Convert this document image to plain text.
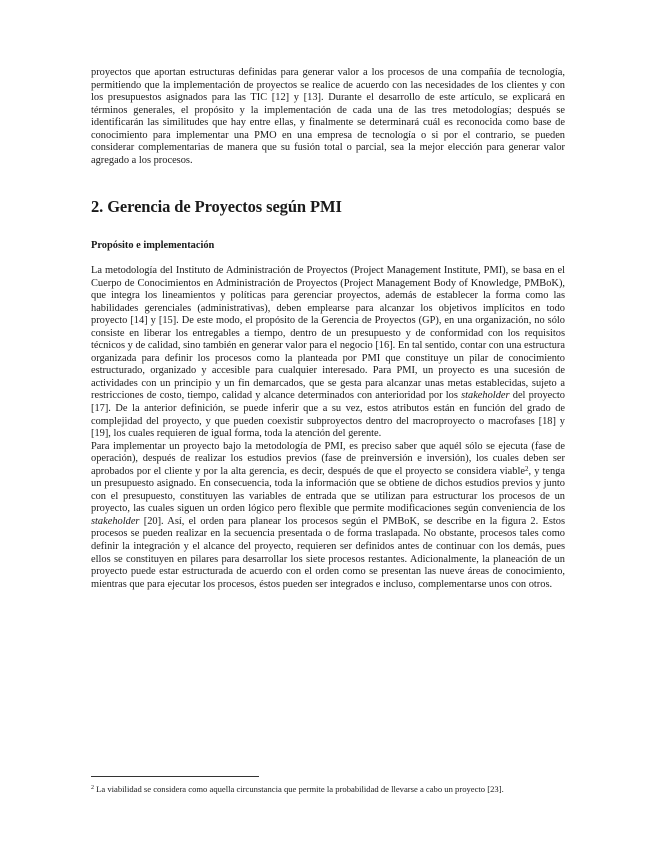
proyectos que aportan estructuras definidas para generar valor a los procesos de una compañía de tecnología, permitiendo que la implementación de proyectos se realice de acuerdo con las necesidades de los clientes y con los presupuestos asignados para las TIC [12] y [13]. Durante el desarrollo de este artículo, se explicará en términos generales, el propósito y la implementación de cada una de las tres metodologías; después se identificarán las similitudes que hay entre ellas, y finalmente se determinará cuál es reconocida como base de conocimiento para implementar una PMO en una empresa de tecnología o si por el contrario, se pueden considerar complementarias de manera que su fusión total o parcial, sea la mejor elección para generar valor agregado a los procesos.

2. Gerencia de Proyectos según PMI
Propósito e implementación

La metodología del Instituto de Administración de Proyectos (Project Management Institute, PMI), se basa en el Cuerpo de Conocimientos en Administración de Proyectos (Project Management Body of Knowledge, PMBoK), que integra los lineamientos y políticas para gerenciar proyectos, además de establecer la forma como las habilidades gerenciales (administrativas), deben emplearse para alcanzar los objetivos implícitos en todo proyecto [14] y [15]. De este modo, el propósito de la Gerencia de Proyectos (GP), en una organización, no sólo consiste en liberar los entregables a tiempo, dentro de un presupuesto y de conformidad con los requisitos técnicos y de calidad, sino también en generar valor para el negocio [16]. En tal sentido, contar con una estructura organizada para definir los procesos como la planteada por PMI que constituye un pilar de conocimiento estructurado, organizado y accesible para cualquier interesado. Para PMI, un proyecto es una sucesión de actividades con un principio y un fin demarcados, que se gesta para alcanzar unas metas establecidas, sujeto a restricciones de costo, tiempo, calidad y alcance determinados con anterioridad por los stakeholder del proyecto [17]. De la anterior definición, se puede inferir que a su vez, estos atributos están en función del grado de complejidad del proyecto, y que pueden coexistir subproyectos dentro del macroproyecto o macrofases [18] y [19], los cuales requieren de igual forma, toda la atención del gerente.

Para implementar un proyecto bajo la metodología de PMI, es preciso saber que aquél sólo se ejecuta (fase de operación), después de realizar los estudios previos (fase de preinversión e inversión), los cuales deben ser aprobados por el cliente y por la alta gerencia, es decir, después de que el proyecto se considera viable$^2$, y tenga un presupuesto asignado. En consecuencia, toda la información que se obtiene de dichos estudios previos y junto con el presupuesto, constituyen las variables de entrada que se utilizan para estructurar los procesos de un proyecto, las cuales siguen un orden lógico pero flexible que permite modificaciones según conveniencia de los stakeholder [20]. Así, el orden para planear los procesos según el PMBoK, se describe en la figura 2. Estos procesos se pueden realizar en la secuencia presentada o de forma traslapada. No obstante, procesos tales como definir la integración y el alcance del proyecto, requieren ser definidos antes de continuar con los demás, pues ellos se constituyen en pilares para desarrollar los siete procesos restantes. Adicionalmente, la planeación de un proyecto puede estar estructurada de acuerdo con el orden como se presentan las nueve áreas de conocimiento, mientras que para ejecutar los procesos, éstos pueden ser integrados e incluso, complementarse unos con otros.

$^2$ La viabilidad se considera como aquella circunstancia que permite la probabilidad de llevarse a cabo un proyecto [23].
